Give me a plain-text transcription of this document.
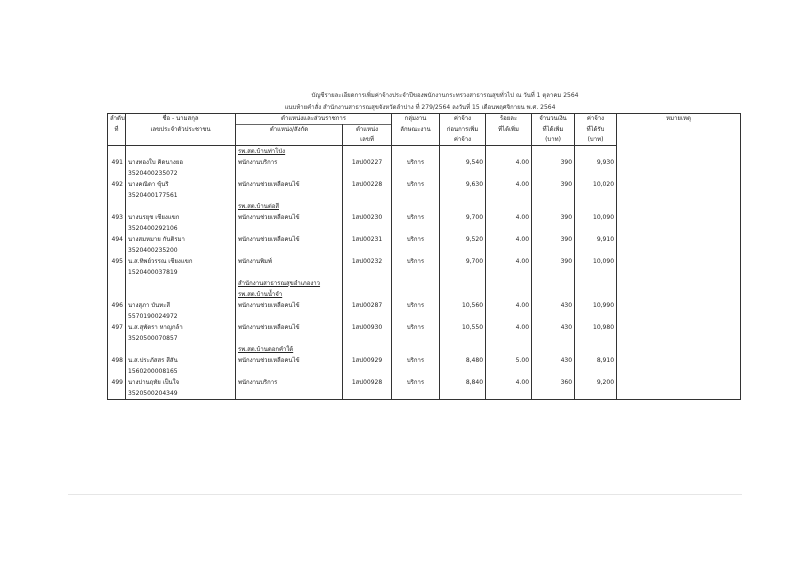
บัญชีรายละเอียดการเพิ่มค่าจ้างประจำปีของพนักงานกระทรวงสาธารณสุขทั่วไป ณ วันที่ 1 ตุลาคม 2564
แนบท้ายคำสั่ง สำนักงานสาธารณสุขจังหวัดลำปาง ที่ 279/2564 ลงวันที่ 15 เดือนพฤศจิกายน พ.ศ. 2564
ลำดับ	ชื่อ - นามสกุล	ตำแหน่งและส่วนราชการ		กลุ่มงาน	ค่าจ้าง	ร้อยละ	จำนวนเงิน	ค่าจ้าง	หมายเหตุ
ที่	เลขประจำตัวประชาชน	ตำแหน่ง/สังกัด	ตำแหน่ง	ลักษณะงาน	ก่อนการเพิ่ม	ที่ได้เพิ่ม	ที่ได้เพิ่ม	ที่ได้รับ	
			เลขที่		ค่าจ้าง		(บาท)	(บาท)	
		รพ.สต.บ้านท่าโป่ง							
491	นางทองใบ คิดนางยอ	พนักงานบริการ	1สป00227	บริการ	9,540	4.00	390	9,930	
	3520400235072								
492	นางคณิดา ขุ้นริ	พนักงานช่วยเหลือคนไข้	1สป00228	บริการ	9,630	4.00	390	10,020	
	3520400177561								
		รพ.สต.บ้านต่อสี							
493	นางนรยุช เชียงแขก	พนักงานช่วยเหลือคนไข้	1สป00230	บริการ	9,700	4.00	390	10,090	
	3520400292106								
494	นางสมหมาย กันติรมา	พนักงานช่วยเหลือคนไข้	1สป00231	บริการ	9,520	4.00	390	9,910	
	3520400235200								
495	น.ส.ทิพย์วรรณ เชียงแขก	พนักงานพิมพ์	1สป00232	บริการ	9,700	4.00	390	10,090	
	1520400037819								
		สำนักงานสาธารณสุขอำเภองาว							
		รพ.สต.บ้านน้ำจำ							
496	นางสุภา บันทะสี	พนักงานช่วยเหลือคนไข้	1สป00287	บริการ	10,560	4.00	430	10,990	
	5570190024972								
497	น.ส.สุพัตรา หาญกล้า	พนักงานช่วยเหลือคนไข้	1สป00930	บริการ	10,550	4.00	430	10,980	
	3520500070857								
		รพ.สต.บ้านดอกคำใต้							
498	น.ส.ประภัสสร สีสัน	พนักงานช่วยเหลือคนไข้	1สป00929	บริการ	8,480	5.00	430	8,910	
	1560200008165								
499	นางปานฤทัย เป็นใจ	พนักงานบริการ	1สป00928	บริการ	8,840	4.00	360	9,200	
	3520500204349								
